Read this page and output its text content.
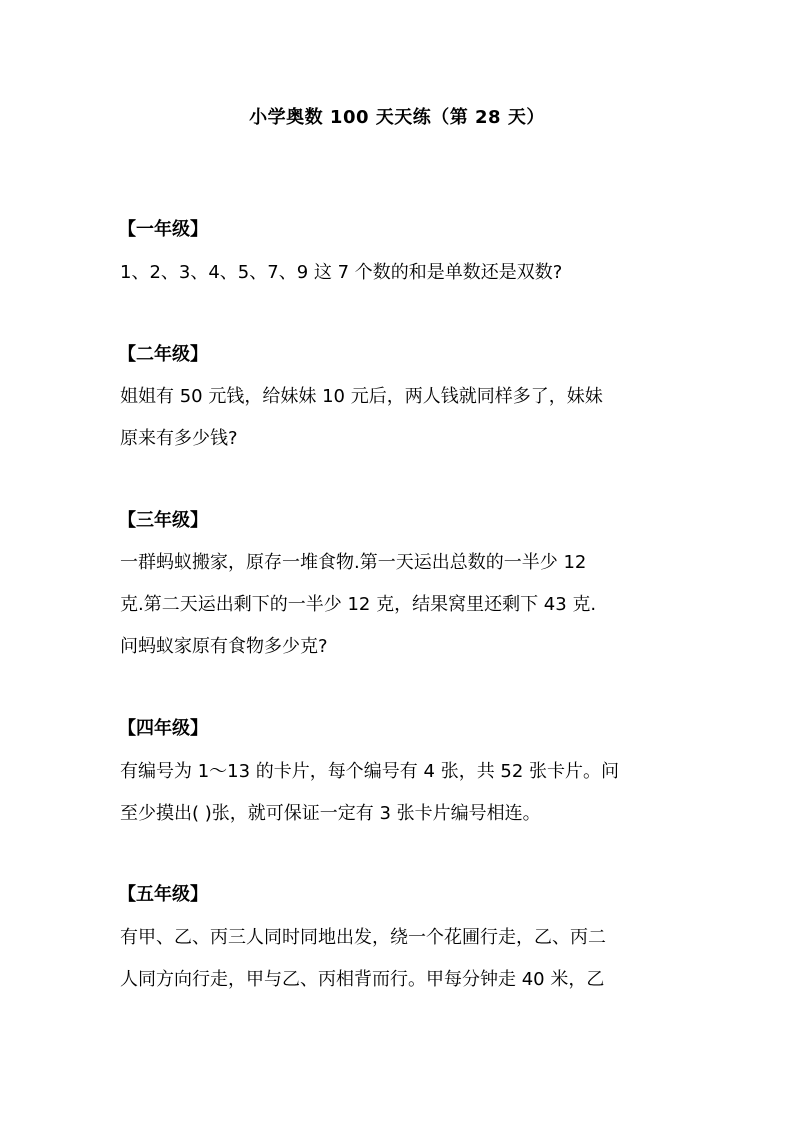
小学奥数 100 天天练（第 28 天）
【一年级】
1、2、3、4、5、7、9 这 7 个数的和是单数还是双数?
【二年级】
姐姐有 50 元钱，给妹妹 10 元后，两人钱就同样多了，妹妹
原来有多少钱?
【三年级】
一群蚂蚁搬家，原存一堆食物.第一天运出总数的一半少 12
克.第二天运出剩下的一半少 12 克，结果窝里还剩下 43 克.
问蚂蚁家原有食物多少克?
【四年级】
有编号为 1～13 的卡片，每个编号有 4 张，共 52 张卡片。问
至少摸出( )张，就可保证一定有 3 张卡片编号相连。
【五年级】
有甲、乙、丙三人同时同地出发，绕一个花圃行走，乙、丙二
人同方向行走，甲与乙、丙相背而行。甲每分钟走 40 米，乙
